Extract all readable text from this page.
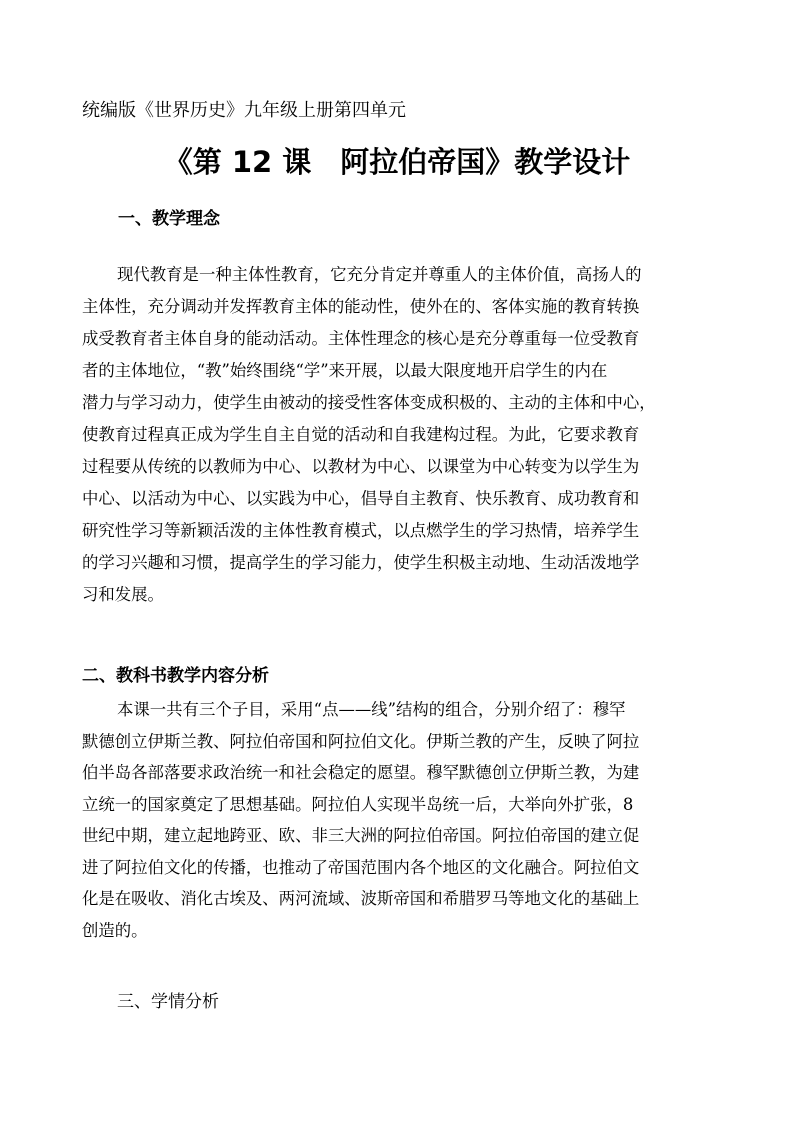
统编版《世界历史》九年级上册第四单元
《第 12 课　阿拉伯帝国》教学设计
一、教学理念
现代教育是一种主体性教育，它充分肯定并尊重人的主体价值，高扬人的
主体性，充分调动并发挥教育主体的能动性，使外在的、客体实施的教育转换
成受教育者主体自身的能动活动。主体性理念的核心是充分尊重每一位受教育
者的主体地位，“教”始终围绕“学”来开展，以最大限度地开启学生的内在
潜力与学习动力，使学生由被动的接受性客体变成积极的、主动的主体和中心，
使教育过程真正成为学生自主自觉的活动和自我建构过程。为此，它要求教育
过程要从传统的以教师为中心、以教材为中心、以课堂为中心转变为以学生为
中心、以活动为中心、以实践为中心，倡导自主教育、快乐教育、成功教育和
研究性学习等新颖活泼的主体性教育模式，以点燃学生的学习热情，培养学生
的学习兴趣和习惯，提高学生的学习能力，使学生积极主动地、生动活泼地学
习和发展。
二、教科书教学内容分析
本课一共有三个子目，采用“点——线”结构的组合，分别介绍了：穆罕
默德创立伊斯兰教、阿拉伯帝国和阿拉伯文化。伊斯兰教的产生，反映了阿拉
伯半岛各部落要求政治统一和社会稳定的愿望。穆罕默德创立伊斯兰教，为建
立统一的国家奠定了思想基础。阿拉伯人实现半岛统一后，大举向外扩张，8
世纪中期，建立起地跨亚、欧、非三大洲的阿拉伯帝国。阿拉伯帝国的建立促
进了阿拉伯文化的传播，也推动了帝国范围内各个地区的文化融合。阿拉伯文
化是在吸收、消化古埃及、两河流域、波斯帝国和希腊罗马等地文化的基础上
创造的。
三、学情分析
